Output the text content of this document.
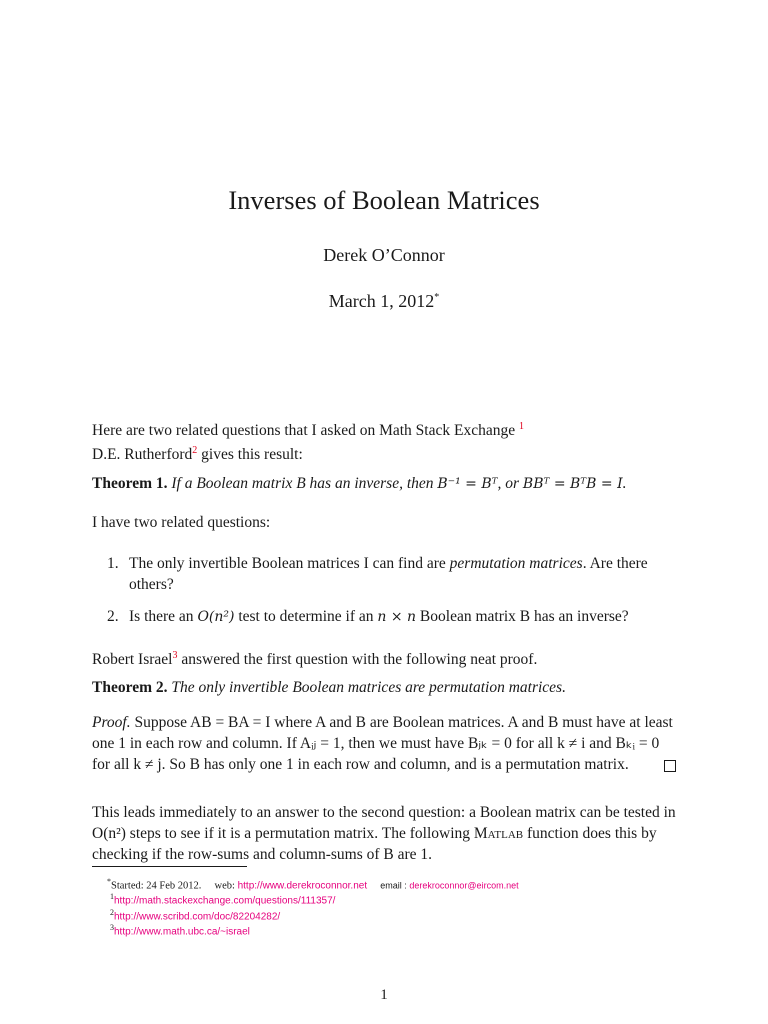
Inverses of Boolean Matrices
Derek O’Connor
March 1, 2012*
Here are two related questions that I asked on Math Stack Exchange $^1$
D.E. Rutherford$^2$ gives this result:
Theorem 1. If a Boolean matrix B has an inverse, then B⁻¹ = Bᵀ, or BBᵀ = BᵀB = I.
I have two related questions:
1. The only invertible Boolean matrices I can find are permutation matrices. Are there others?
2. Is there an O(n²) test to determine if an n × n Boolean matrix B has an inverse?
Robert Israel$^3$ answered the first question with the following neat proof.
Theorem 2. The only invertible Boolean matrices are permutation matrices.
Proof. Suppose AB = BA = I where A and B are Boolean matrices. A and B must have at least one 1 in each row and column. If Aᵢⱼ = 1, then we must have Bⱼₖ = 0 for all k ≠ i and Bₖᵢ = 0 for all k ≠ j. So B has only one 1 in each row and column, and is a permutation matrix.
This leads immediately to an answer to the second question: a Boolean matrix can be tested in O(n²) steps to see if it is a permutation matrix. The following Matlab function does this by checking if the row-sums and column-sums of B are 1.
*Started: 24 Feb 2012. web: http://www.derekroconnor.net email : derekroconnor@eircom.net
$^1$http://math.stackexchange.com/questions/111357/
$^2$http://www.scribd.com/doc/82204282/
$^3$http://www.math.ubc.ca/~israel
1
